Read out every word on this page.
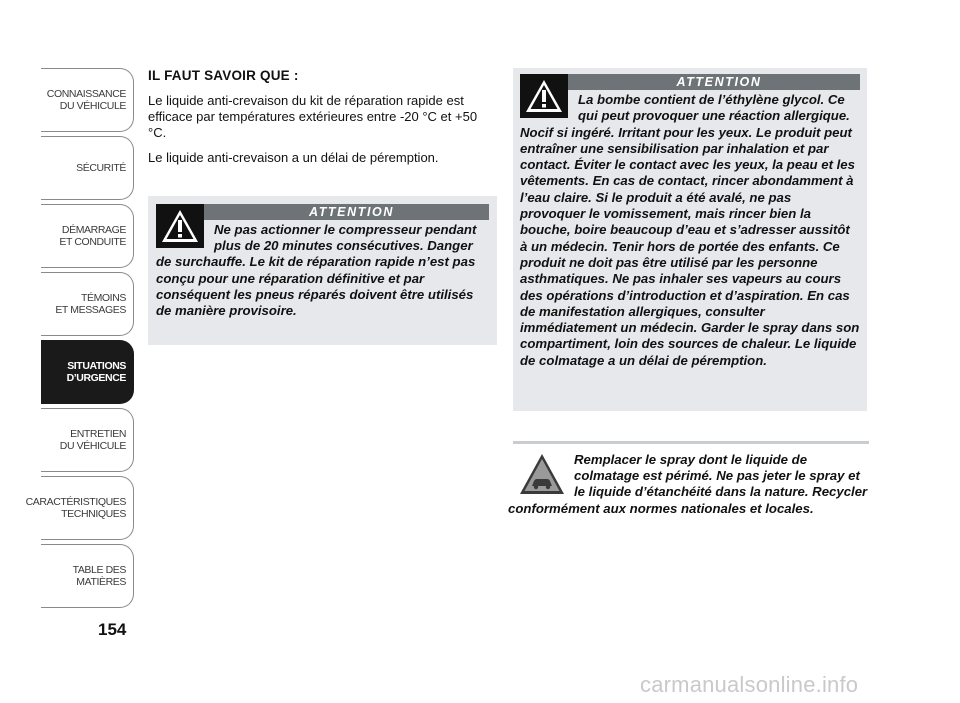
CONNAISSANCE
DU VÉHICULE
SÉCURITÉ
DÉMARRAGE
ET CONDUITE
TÉMOINS
ET MESSAGES
SITUATIONS
D’URGENCE
ENTRETIEN
DU VÉHICULE
CARACTÉRISTIQUES
TECHNIQUES
TABLE DES
MATIÈRES
154
IL FAUT SAVOIR QUE :

Le liquide anti-crevaison du kit de réparation rapide est efficace par températures extérieures entre -20 °C et +50 °C.

Le liquide anti-crevaison a un délai de péremption.

ATTENTION
Ne pas actionner le compresseur pendant plus de 20 minutes consécutives. Danger de surchauffe. Le kit de réparation rapide n’est pas conçu pour une réparation définitive et par conséquent les pneus réparés doivent être utilisés de manière provisoire.
ATTENTION
La bombe contient de l’éthylène glycol. Ce qui peut provoquer une réaction allergique. Nocif si ingéré. Irritant pour les yeux. Le produit peut entraîner une sensibilisation par inhalation et par contact. Éviter le contact avec les yeux, la peau et les vêtements. En cas de contact, rincer abondamment à l’eau claire. Si le produit a été avalé, ne pas provoquer le vomissement, mais rincer bien la bouche, boire beaucoup d’eau et s’adresser aussitôt à un médecin. Tenir hors de portée des enfants. Ce produit ne doit pas être utilisé par les personne asthmatiques. Ne pas inhaler ses vapeurs au cours des opérations d’introduction et d’aspiration. En cas de manifestation allergiques, consulter immédiatement un médecin. Garder le spray dans son compartiment, loin des sources de chaleur. Le liquide de colmatage a un délai de péremption.
Remplacer le spray dont le liquide de colmatage est périmé. Ne pas jeter le spray et le liquide d’étanchéité dans la nature. Recycler conformément aux normes nationales et locales.
carmanualsonline.info
